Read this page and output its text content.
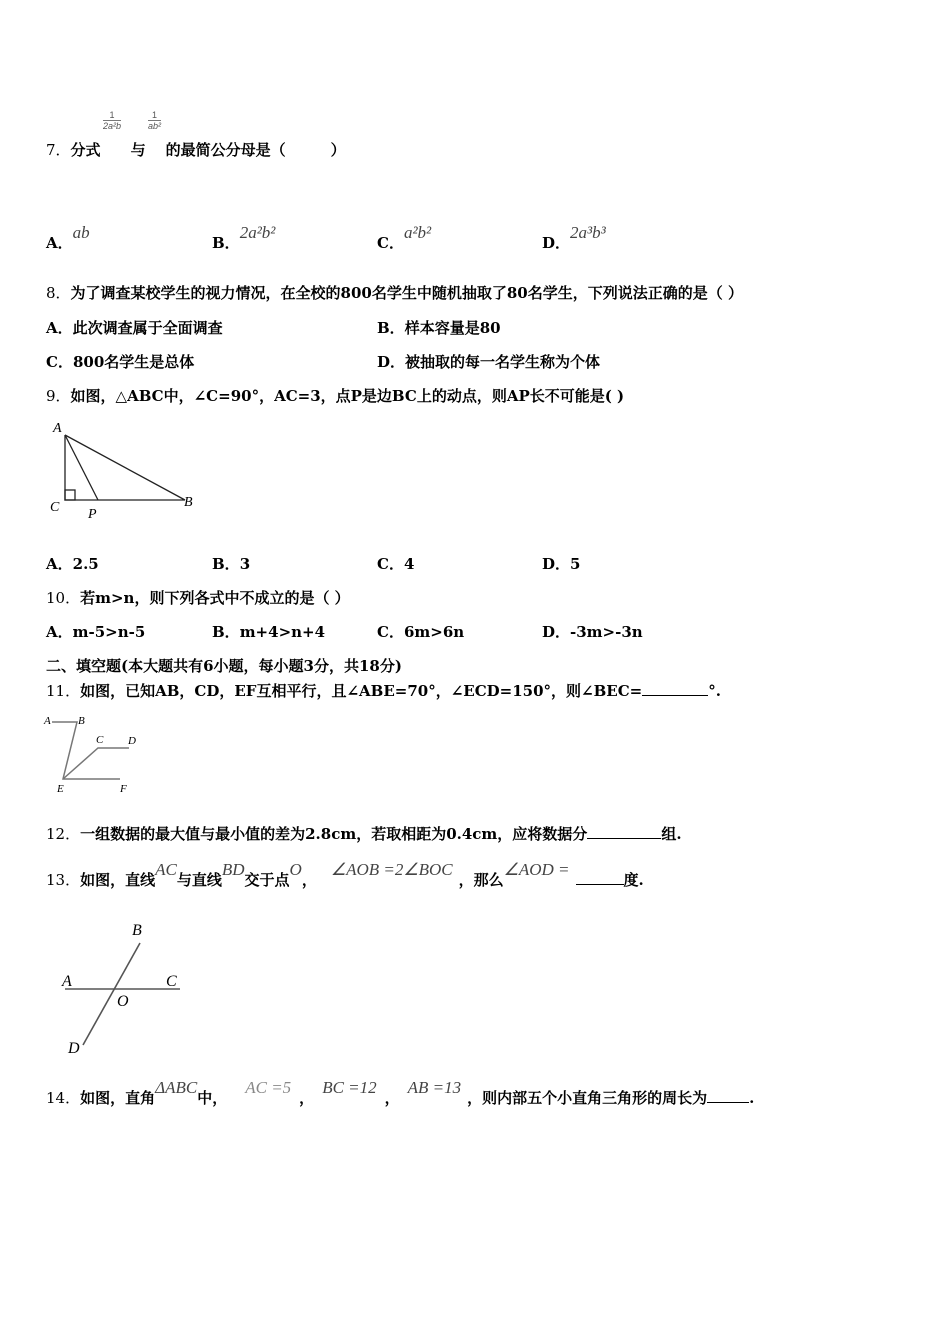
$\frac{1}{\text{2a²b}}$	$\frac{1}{\text{ab²}}$
7．分式 与 的最简公分母是（　　　）
A．ab
B．2a²b²
C．a²b²
D．2a³b³
8．为了调查某校学生的视力情况，在全校的800名学生中随机抽取了80名学生，下列说法正确的是（ ）
A．此次调查属于全面调查	B．样本容量是80
C．800名学生是总体	D．被抽取的每一名学生称为个体
9．如图，△ABC中，∠C=90°，AC=3，点P是边BC上的动点，则AP长不可能是( )
A
C P
B
A．2.5	B．3	C．4	D．5
10．若m>n，则下列各式中不成立的是（ ）
A．m-5>n-5	B．m+4>n+4	C．6m>6n	D．-3m>-3n
二、填空题(本大题共有6小题，每小题3分，共18分)
11．如图，已知AB，CD，EF互相平行，且∠ABE=70°，∠ECD=150°，则∠BEC=	°.
A B
C D
E	F
12．一组数据的最大值与最小值的差为2.8cm，若取相距为0.4cm，应将数据分	组.
13．如图，直线AC与直线BD交于点O，∠AOB =2∠BOC，那么∠AOD =度.
B
A	C
O
D
14．如图，直角ΔABC中，AC =5，BC =12，AB =13，则内部五个小直角三角形的周长为	.
